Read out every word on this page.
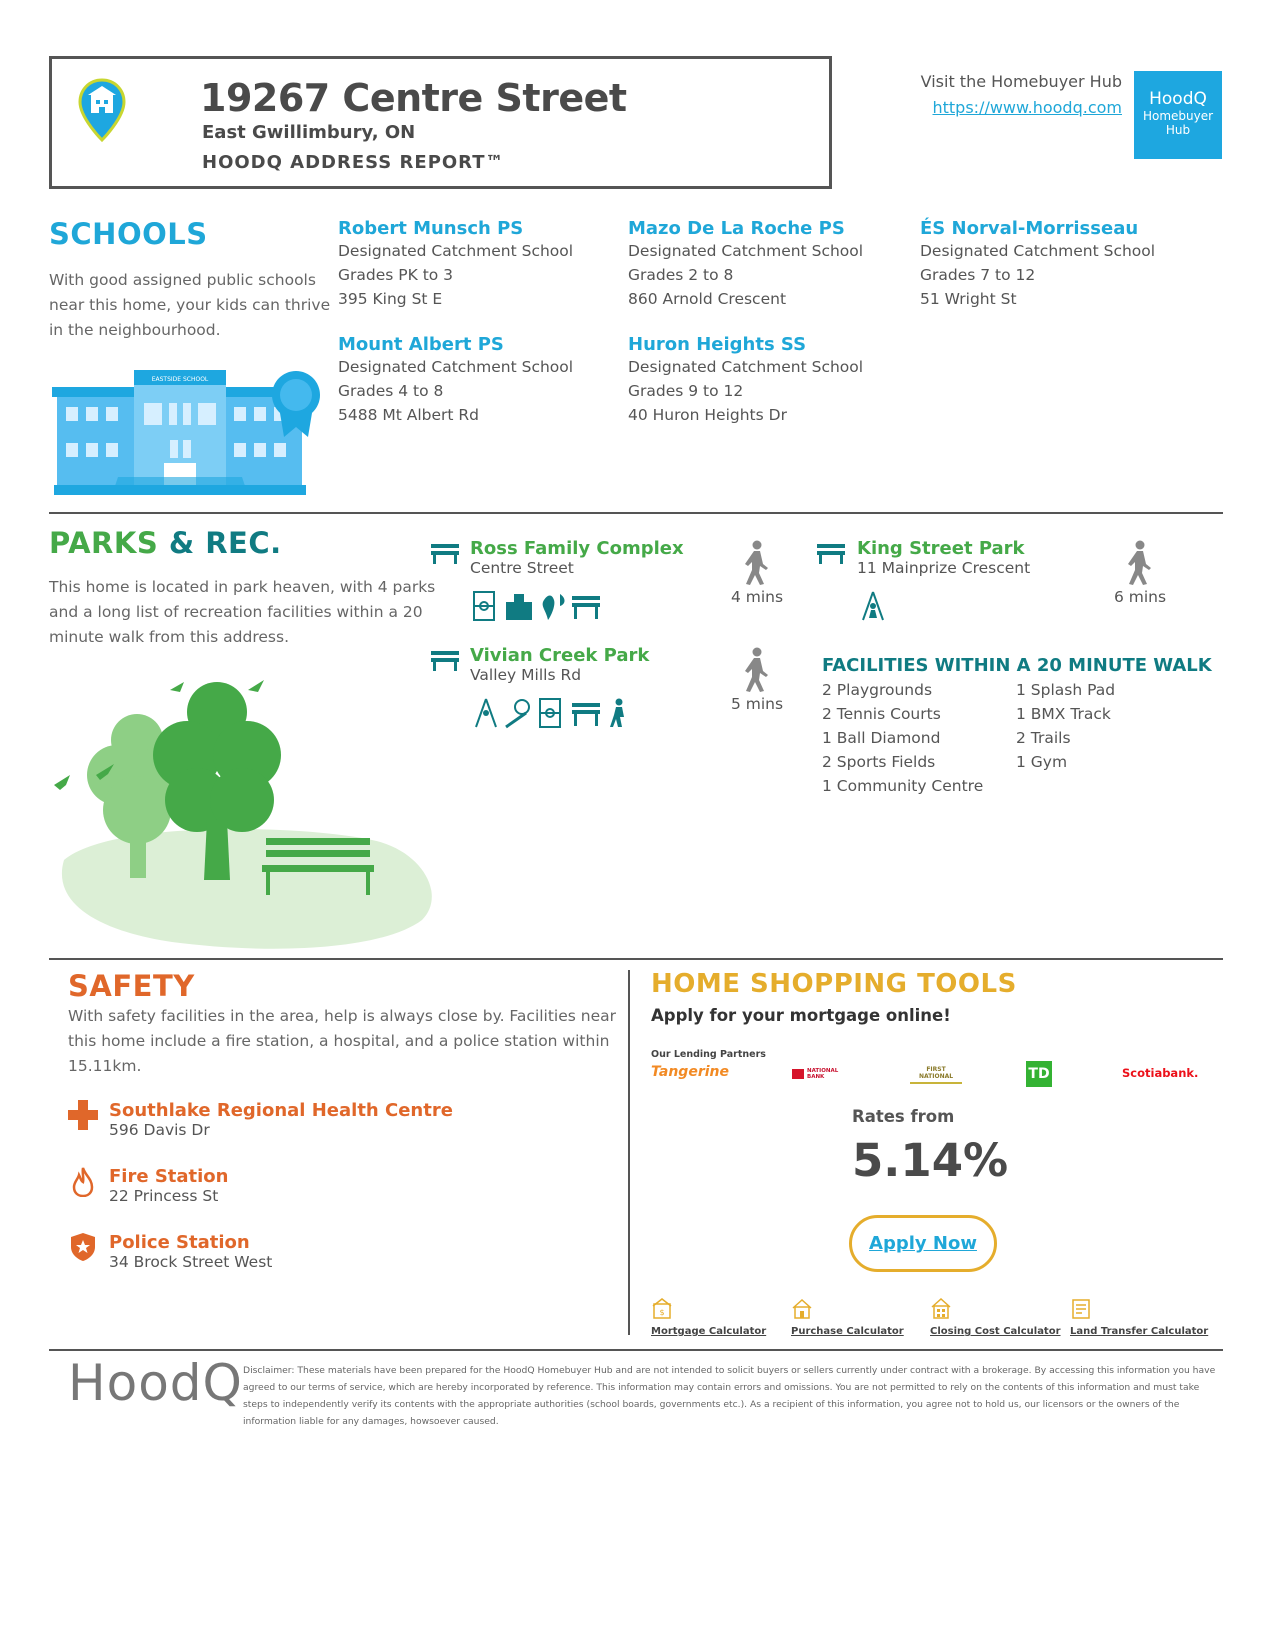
19267 Centre Street
East Gwillimbury, ON
HOODQ ADDRESS REPORT™
Visit the Homebuyer Hub
https://www.hoodq.com	HoodQ
Homebuyer
Hub
SCHOOLS
With good assigned public schools near this home, your kids can thrive in the neighbourhood.
EASTSIDE SCHOOL
Robert Munsch PS
Designated Catchment School
Grades PK to 3
395 King St E
Mazo De La Roche PS
Designated Catchment School
Grades 2 to 8
860 Arnold Crescent
ÉS Norval-Morrisseau
Designated Catchment School
Grades 7 to 12
51 Wright St
Mount Albert PS
Designated Catchment School
Grades 4 to 8
5488 Mt Albert Rd
Huron Heights SS
Designated Catchment School
Grades 9 to 12
40 Huron Heights Dr
PARKS & REC.
This home is located in park heaven, with 4 parks and a long list of recreation facilities within a 20 minute walk from this address.
Ross Family Complex
Centre Street
4 mins
King Street Park
11 Mainprize Crescent
6 mins
Vivian Creek Park
Valley Mills Rd
5 mins
FACILITIES WITHIN A 20 MINUTE WALK
2 Playgrounds
2 Tennis Courts
1 Ball Diamond
2 Sports Fields
1 Community Centre
1 Splash Pad
1 BMX Track
2 Trails
1 Gym
SAFETY
With safety facilities in the area, help is always close by. Facilities near this home include a fire station, a hospital, and a police station within 15.11km.
Southlake Regional Health Centre
596 Davis Dr
Fire Station
22 Princess St
Police Station
34 Brock Street West
HOME SHOPPING TOOLS
Apply for your mortgage online!
Our Lending Partners
Tangerine	NATIONAL BANK
FIRST NATIONAL	TD	Scotiabank.
Rates from
5.14%
Apply Now
$
Mortgage Calculator Purchase Calculator	Closing Cost Calculator Land Transfer Calculator
HoodQ Disclaimer: These materials have been prepared for the HoodQ Homebuyer Hub and are not intended to solicit buyers or sellers currently under contract with a brokerage. By accessing this information you have agreed to our terms of service, which are hereby incorporated by reference. This information may contain errors and omissions. You are not permitted to rely on the contents of this information and must take steps to independently verify its contents with the appropriate authorities (school boards, governments etc.). As a recipient of this information, you agree not to hold us, our licensors or the owners of the information liable for any damages, howsoever caused.
